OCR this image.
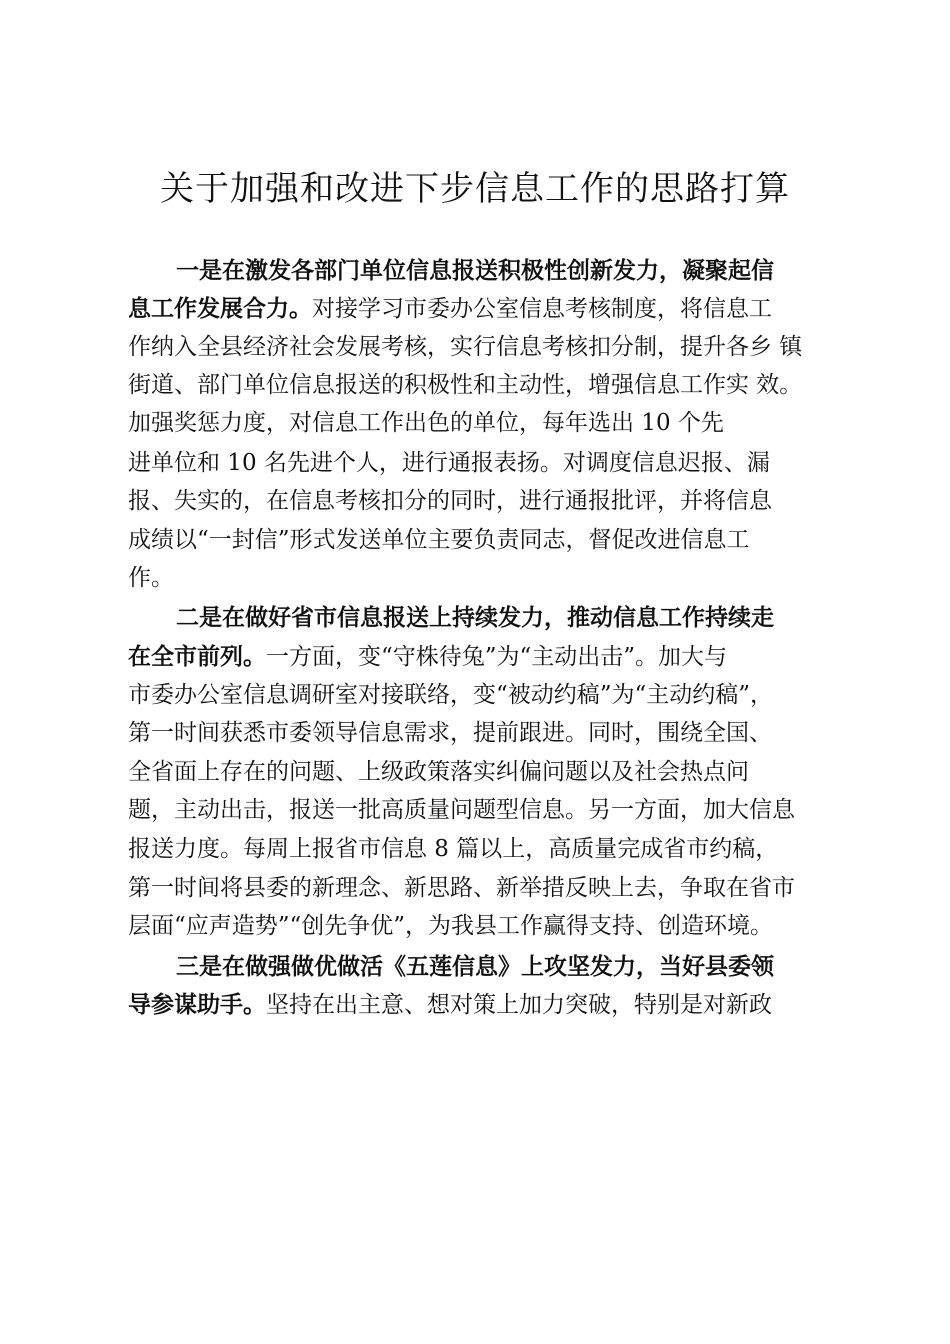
关于加强和改进下步信息工作的思路打算

一是在激发各部门单位信息报送积极性创新发力，凝聚起信

息工作发展合力。对接学习市委办公室信息考核制度，将信息工

作纳入全县经济社会发展考核，实行信息考核扣分制，提升各乡 镇

街道、部门单位信息报送的积极性和主动性，增强信息工作实 效。

加强奖惩力度，对信息工作出色的单位，每年选出 10 个先

进单位和 10 名先进个人，进行通报表扬。对调度信息迟报、漏

报、失实的，在信息考核扣分的同时，进行通报批评，并将信息

成绩以“一封信”形式发送单位主要负责同志，督促改进信息工

作。

二是在做好省市信息报送上持续发力，推动信息工作持续走

在全市前列。一方面，变“守株待兔”为“主动出击”。加大与

市委办公室信息调研室对接联络，变“被动约稿”为“主动约稿”，

第一时间获悉市委领导信息需求，提前跟进。同时，围绕全国、

全省面上存在的问题、上级政策落实纠偏问题以及社会热点问

题，主动出击，报送一批高质量问题型信息。另一方面，加大信息

报送力度。每周上报省市信息 8 篇以上，高质量完成省市约稿，

第一时间将县委的新理念、新思路、新举措反映上去，争取在省市

层面“应声造势”“创先争优”，为我县工作赢得支持、创造环境。

三是在做强做优做活《五莲信息》上攻坚发力，当好县委领

导参谋助手。坚持在出主意、想对策上加力突破，特别是对新政
